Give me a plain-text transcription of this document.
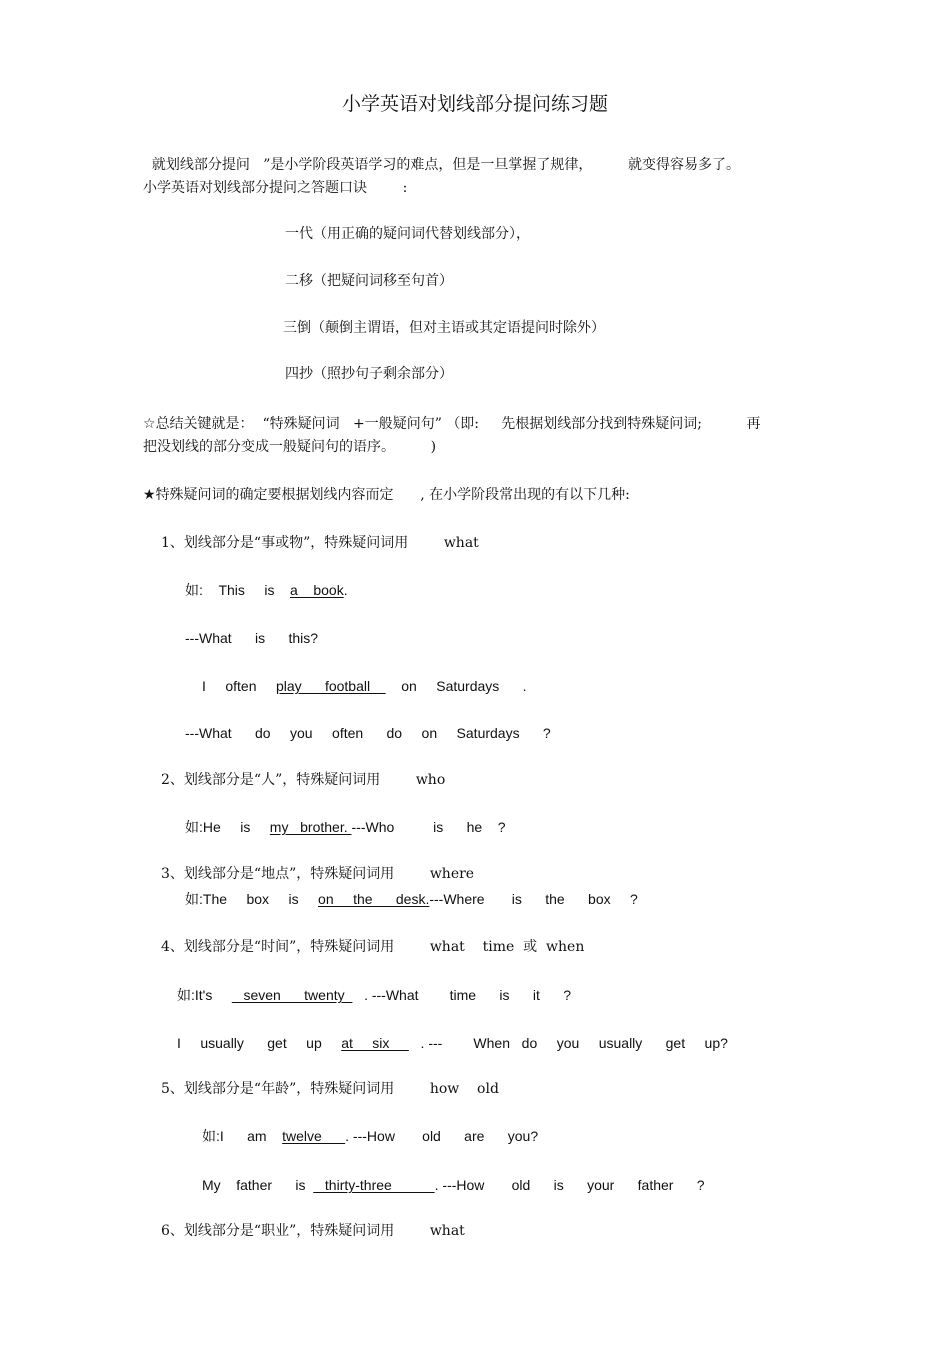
小学英语对划线部分提问练习题
就划线部分提问   ”是小学阶段英语学习的难点，但是一旦掌握了规律，        就变得容易多了。
小学英语对划线部分提问之答题口诀        :
一代（用正确的疑问词代替划线部分），
二移（把疑问词移至句首）
三倒（颠倒主谓语，但对主语或其定语提问时除外）
四抄（照抄句子剩余部分）
☆总结关键就是：  “特殊疑问词   +一般疑问句” （即:     先根据划线部分找到特殊疑问词;          再
把没划线的部分变成一般疑问句的语序。        )
★特殊疑问词的确定要根据划线内容而定      , 在小学阶段常出现的有以下几种:
1、划线部分是“事或物”，特殊疑问词用        what
如:    This     is    a    book.
---What      is      this?
I     often     play      football        on     Saturdays      .
---What      do     you     often      do     on     Saturdays      ?
2、划线部分是“人”，特殊疑问词用        who
如:He     is     my   brother. ---Who          is      he    ?
3、划线部分是“地点”，特殊疑问词用        where
如:The     box     is     on     the      desk.---Where       is      the      box     ?
4、划线部分是“时间”，特殊疑问词用        what    time  或  when
如:It's        seven      twenty     . ---What        time      is      it      ?
I     usually      get     up     at     six        . ---        When   do     you     usually      get     up?
5、划线部分是“年龄”，特殊疑问词用        how    old
如:I      am    twelve      . ---How       old      are      you?
My    father      is     thirty-three           . ---How       old      is      your      father      ?
6、划线部分是“职业”，特殊疑问词用        what
